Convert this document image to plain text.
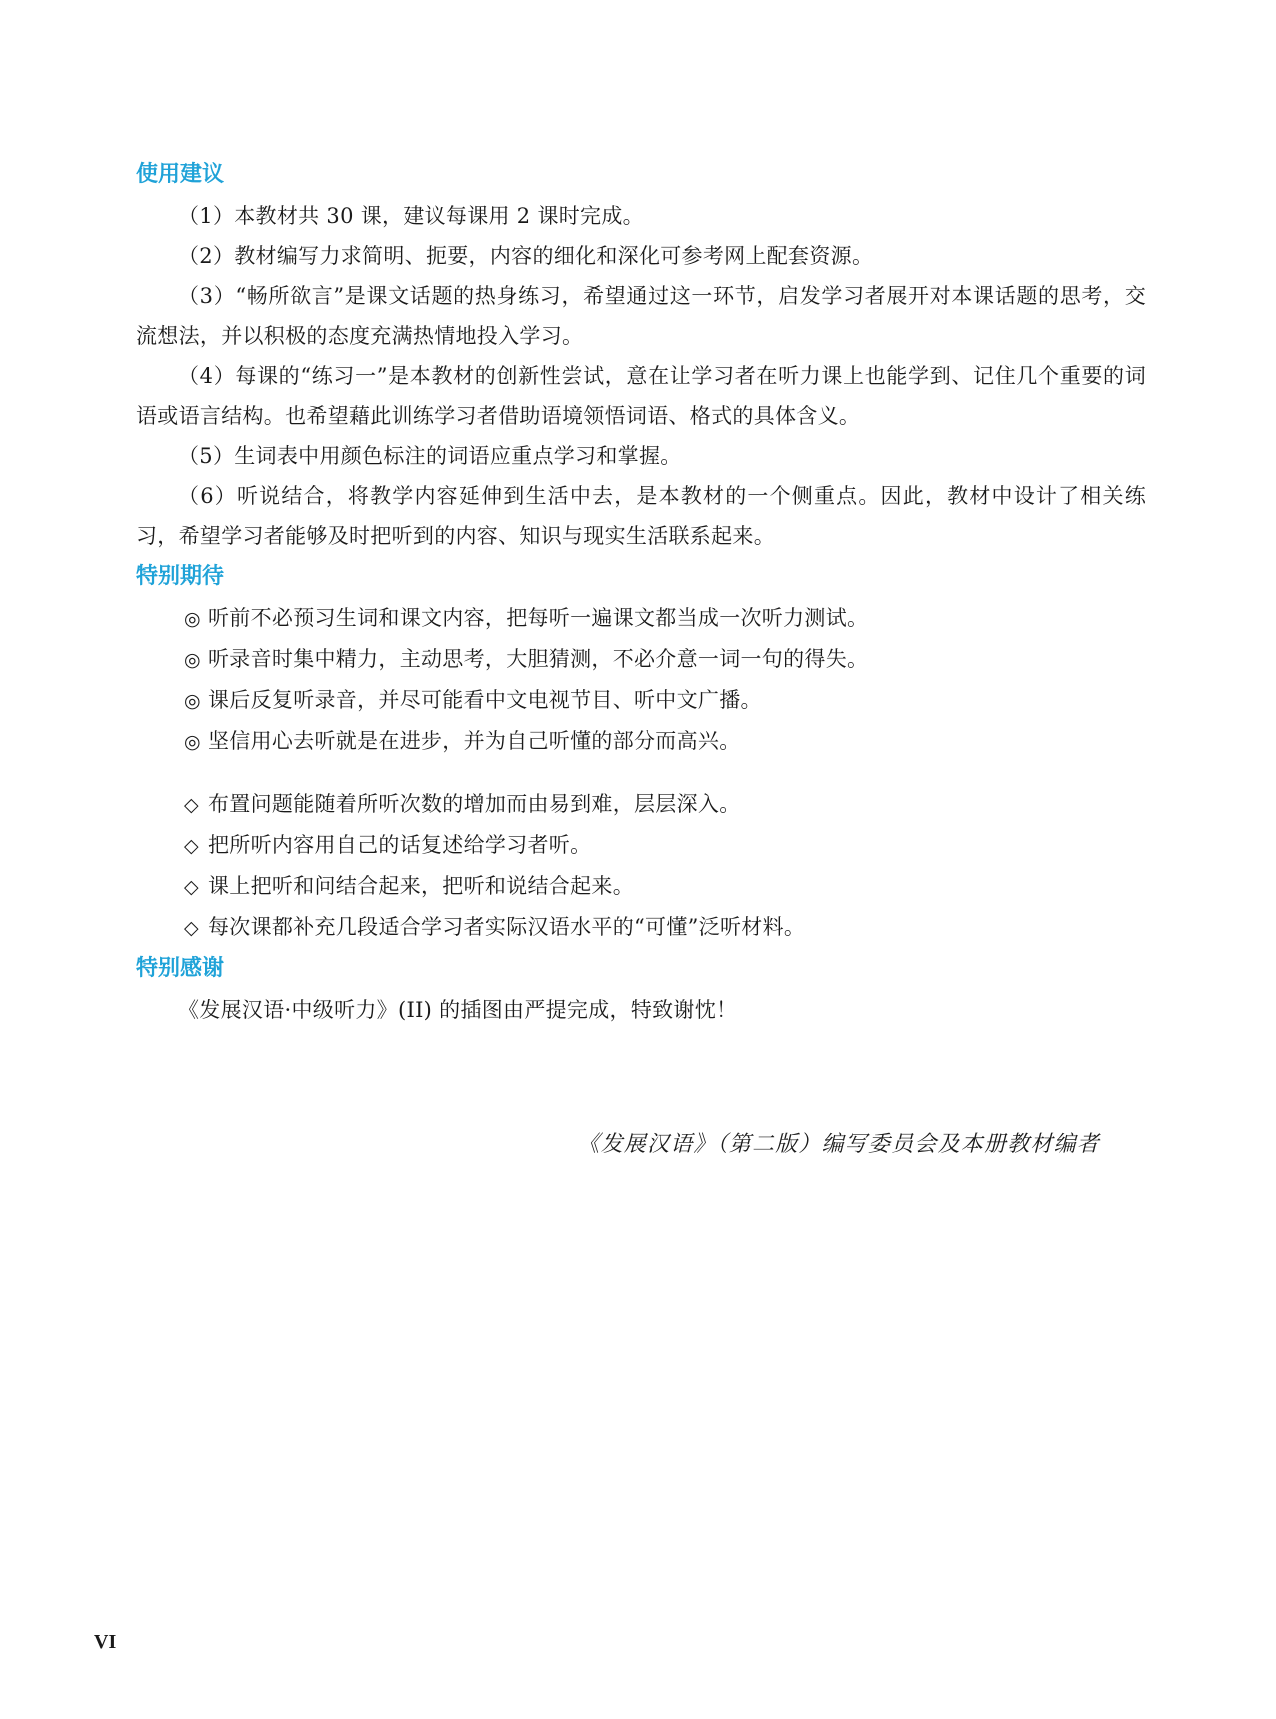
使用建议

（1）本教材共 30 课，建议每课用 2 课时完成。

（2）教材编写力求简明、扼要，内容的细化和深化可参考网上配套资源。

（3）“畅所欲言”是课文话题的热身练习，希望通过这一环节，启发学习者展开对本课话题的思考，交流想法，并以积极的态度充满热情地投入学习。

（4）每课的“练习一”是本教材的创新性尝试，意在让学习者在听力课上也能学到、记住几个重要的词语或语言结构。也希望藉此训练学习者借助语境领悟词语、格式的具体含义。

（5）生词表中用颜色标注的词语应重点学习和掌握。

（6）听说结合，将教学内容延伸到生活中去，是本教材的一个侧重点。因此，教材中设计了相关练习，希望学习者能够及时把听到的内容、知识与现实生活联系起来。

特别期待
◎ 听前不必预习生词和课文内容，把每听一遍课文都当成一次听力测试。
◎ 听录音时集中精力，主动思考，大胆猜测，不必介意一词一句的得失。
◎ 课后反复听录音，并尽可能看中文电视节目、听中文广播。
◎ 坚信用心去听就是在进步，并为自己听懂的部分而高兴。
◇ 布置问题能随着所听次数的增加而由易到难，层层深入。
◇ 把所听内容用自己的话复述给学习者听。
◇ 课上把听和问结合起来，把听和说结合起来。
◇ 每次课都补充几段适合学习者实际汉语水平的“可懂”泛听材料。
特别感谢

《发展汉语·中级听力》(II) 的插图由严提完成，特致谢忱！

《发展汉语》（第二版）编写委员会及本册教材编者
VI
